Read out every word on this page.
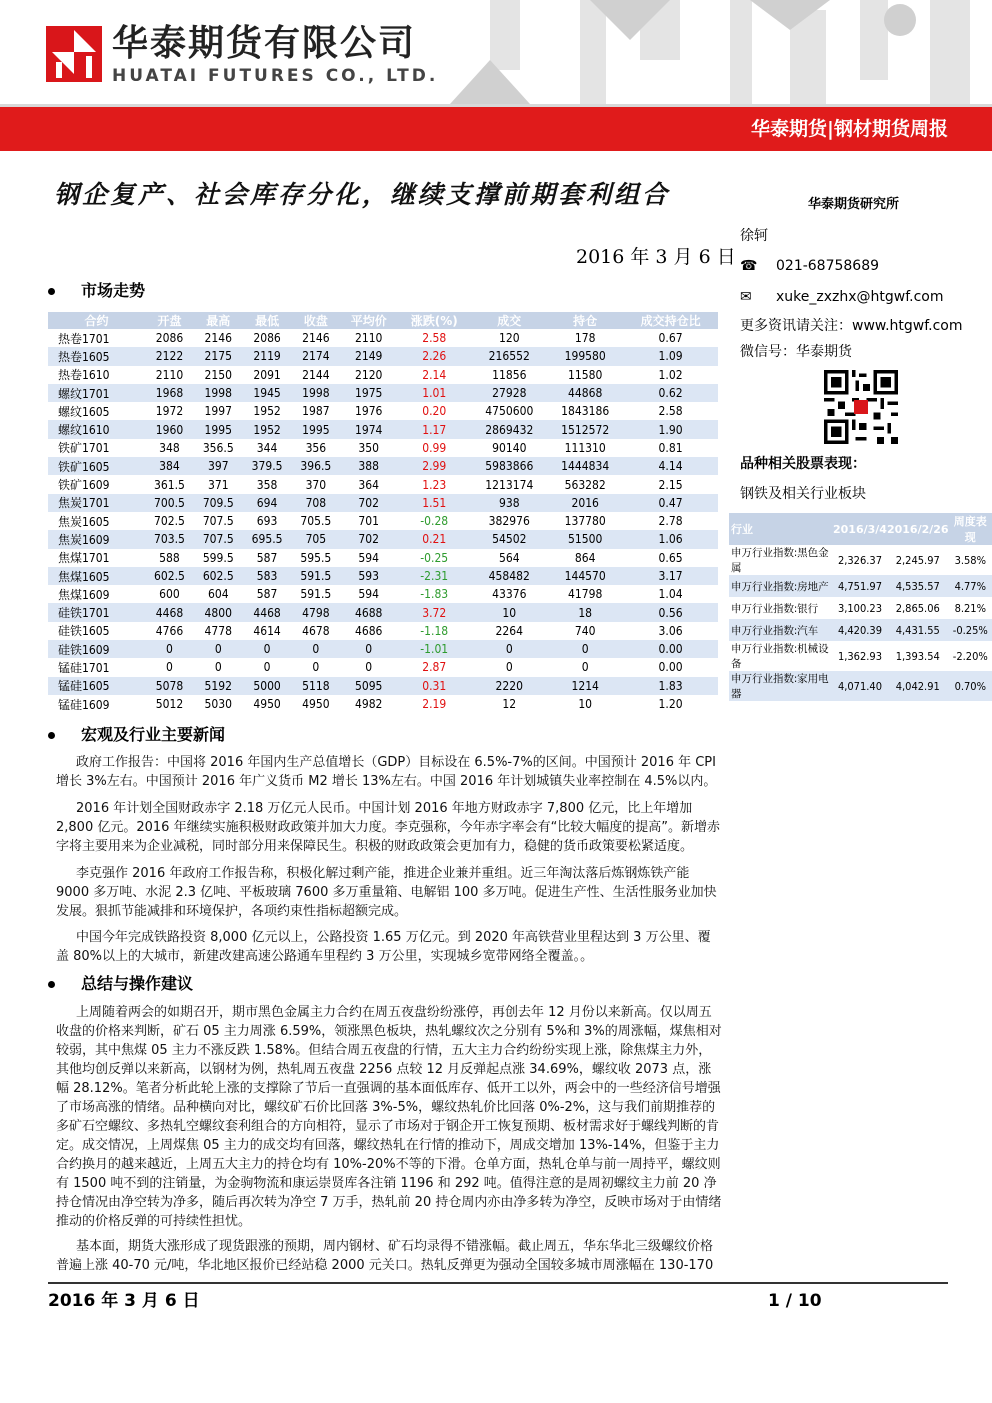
华泰期货有限公司
HUATAI FUTURES CO., LTD.
华泰期货|钢材期货周报
钢企复产、社会库存分化，继续支撑前期套利组合
2016 年 3 月 6 日
市场走势
合约	开盘	最高	最低	收盘	平均价	涨跌(%)	成交	持仓	成交持仓比
热卷1701	2086	2146	2086	2146	2110	2.58	120	178	0.67
热卷1605	2122	2175	2119	2174	2149	2.26	216552	199580	1.09
热卷1610	2110	2150	2091	2144	2120	2.14	11856	11580	1.02
螺纹1701	1968	1998	1945	1998	1975	1.01	27928	44868	0.62
螺纹1605	1972	1997	1952	1987	1976	0.20	4750600	1843186	2.58
螺纹1610	1960	1995	1952	1995	1974	1.17	2869432	1512572	1.90
铁矿1701	348	356.5	344	356	350	0.99	90140	111310	0.81
铁矿1605	384	397	379.5	396.5	388	2.99	5983866	1444834	4.14
铁矿1609	361.5	371	358	370	364	1.23	1213174	563282	2.15
焦炭1701	700.5	709.5	694	708	702	1.51	938	2016	0.47
焦炭1605	702.5	707.5	693	705.5	701	-0.28	382976	137780	2.78
焦炭1609	703.5	707.5	695.5	705	702	0.21	54502	51500	1.06
焦煤1701	588	599.5	587	595.5	594	-0.25	564	864	0.65
焦煤1605	602.5	602.5	583	591.5	593	-2.31	458482	144570	3.17
焦煤1609	600	604	587	591.5	594	-1.83	43376	41798	1.04
硅铁1701	4468	4800	4468	4798	4688	3.72	10	18	0.56
硅铁1605	4766	4778	4614	4678	4686	-1.18	2264	740	3.06
硅铁1609	0	0	0	0	0	-1.01	0	0	0.00
锰硅1701	0	0	0	0	0	2.87	0	0	0.00
锰硅1605	5078	5192	5000	5118	5095	0.31	2220	1214	1.83
锰硅1609	5012	5030	4950	4950	4982	2.19	12	10	1.20
华泰期货研究所
徐轲
☎ 021-68758689
✉ xuke_zxzhx@htgwf.com
更多资讯请关注：www.htgwf.com
微信号：华泰期货
品种相关股票表现：
钢铁及相关行业板块
行业	2016/3/4	2016/2/26	周度表现
申万行业指数:黑色金属	2,326.37	2,245.97	3.58%
申万行业指数:房地产	4,751.97	4,535.57	4.77%
申万行业指数:银行	3,100.23	2,865.06	8.21%
申万行业指数:汽车	4,420.39	4,431.55	-0.25%
申万行业指数:机械设备	1,362.93	1,393.54	-2.20%
申万行业指数:家用电器	4,071.40	4,042.91	0.70%
宏观及行业主要新闻
政府工作报告：中国将 2016 年国内生产总值增长（GDP）目标设在 6.5%-7%的区间。中国预计 2016 年 CPI 增长 3%左右。中国预计 2016 年广义货币 M2 增长 13%左右。中国 2016 年计划城镇失业率控制在 4.5%以内。
2016 年计划全国财政赤字 2.18 万亿元人民币。中国计划 2016 年地方财政赤字 7,800 亿元，比上年增加 2,800 亿元。2016 年继续实施积极财政政策并加大力度。李克强称，今年赤字率会有“比较大幅度的提高”。新增赤字将主要用来为企业减税，同时部分用来保障民生。积极的财政政策会更加有力，稳健的货币政策要松紧适度。
李克强作 2016 年政府工作报告称，积极化解过剩产能，推进企业兼并重组。近三年淘汰落后炼钢炼铁产能 9000 多万吨、水泥 2.3 亿吨、平板玻璃 7600 多万重量箱、电解铝 100 多万吨。促进生产性、生活性服务业加快发展。狠抓节能减排和环境保护，各项约束性指标超额完成。
中国今年完成铁路投资 8,000 亿元以上，公路投资 1.65 万亿元。到 2020 年高铁营业里程达到 3 万公里、覆盖 80%以上的大城市，新建改建高速公路通车里程约 3 万公里，实现城乡宽带网络全覆盖。。
总结与操作建议
上周随着两会的如期召开，期市黑色金属主力合约在周五夜盘纷纷涨停，再创去年 12 月份以来新高。仅以周五收盘的价格来判断，矿石 05 主力周涨 6.59%，领涨黑色板块，热轧螺纹次之分别有 5%和 3%的周涨幅，煤焦相对较弱，其中焦煤 05 主力不涨反跌 1.58%。但结合周五夜盘的行情，五大主力合约纷纷实现上涨，除焦煤主力外，其他均创反弹以来新高，以钢材为例，热轧周五夜盘 2256 点较 12 月反弹起点涨 34.69%，螺纹收 2073 点，涨幅 28.12%。笔者分析此轮上涨的支撑除了节后一直强调的基本面低库存、低开工以外，两会中的一些经济信号增强了市场高涨的情绪。品种横向对比，螺纹矿石价比回落 3%-5%，螺纹热轧价比回落 0%-2%，这与我们前期推荐的多矿石空螺纹、多热轧空螺纹套利组合的方向相符，显示了市场对于钢企开工恢复预期、板材需求好于螺线判断的肯定。成交情况，上周煤焦 05 主力的成交均有回落，螺纹热轧在行情的推动下，周成交增加 13%-14%，但鉴于主力合约换月的越来越近，上周五大主力的持仓均有 10%-20%不等的下滑。仓单方面，热轧仓单与前一周持平，螺纹则有 1500 吨不到的注销量，为金驹物流和康运崇贤库各注销 1196 和 292 吨。值得注意的是周初螺纹主力前 20 净持仓情况由净空转为净多，随后再次转为净空 7 万手，热轧前 20 持仓周内亦由净多转为净空，反映市场对于由情绪推动的价格反弹的可持续性担忧。
基本面，期货大涨形成了现货跟涨的预期，周内钢材、矿石均录得不错涨幅。截止周五，华东华北三级螺纹价格普遍上涨 40-70 元/吨，华北地区报价已经站稳 2000 元关口。热轧反弹更为强动全国较多城市周涨幅在 130-170
2016 年 3 月 6 日	1 / 10
